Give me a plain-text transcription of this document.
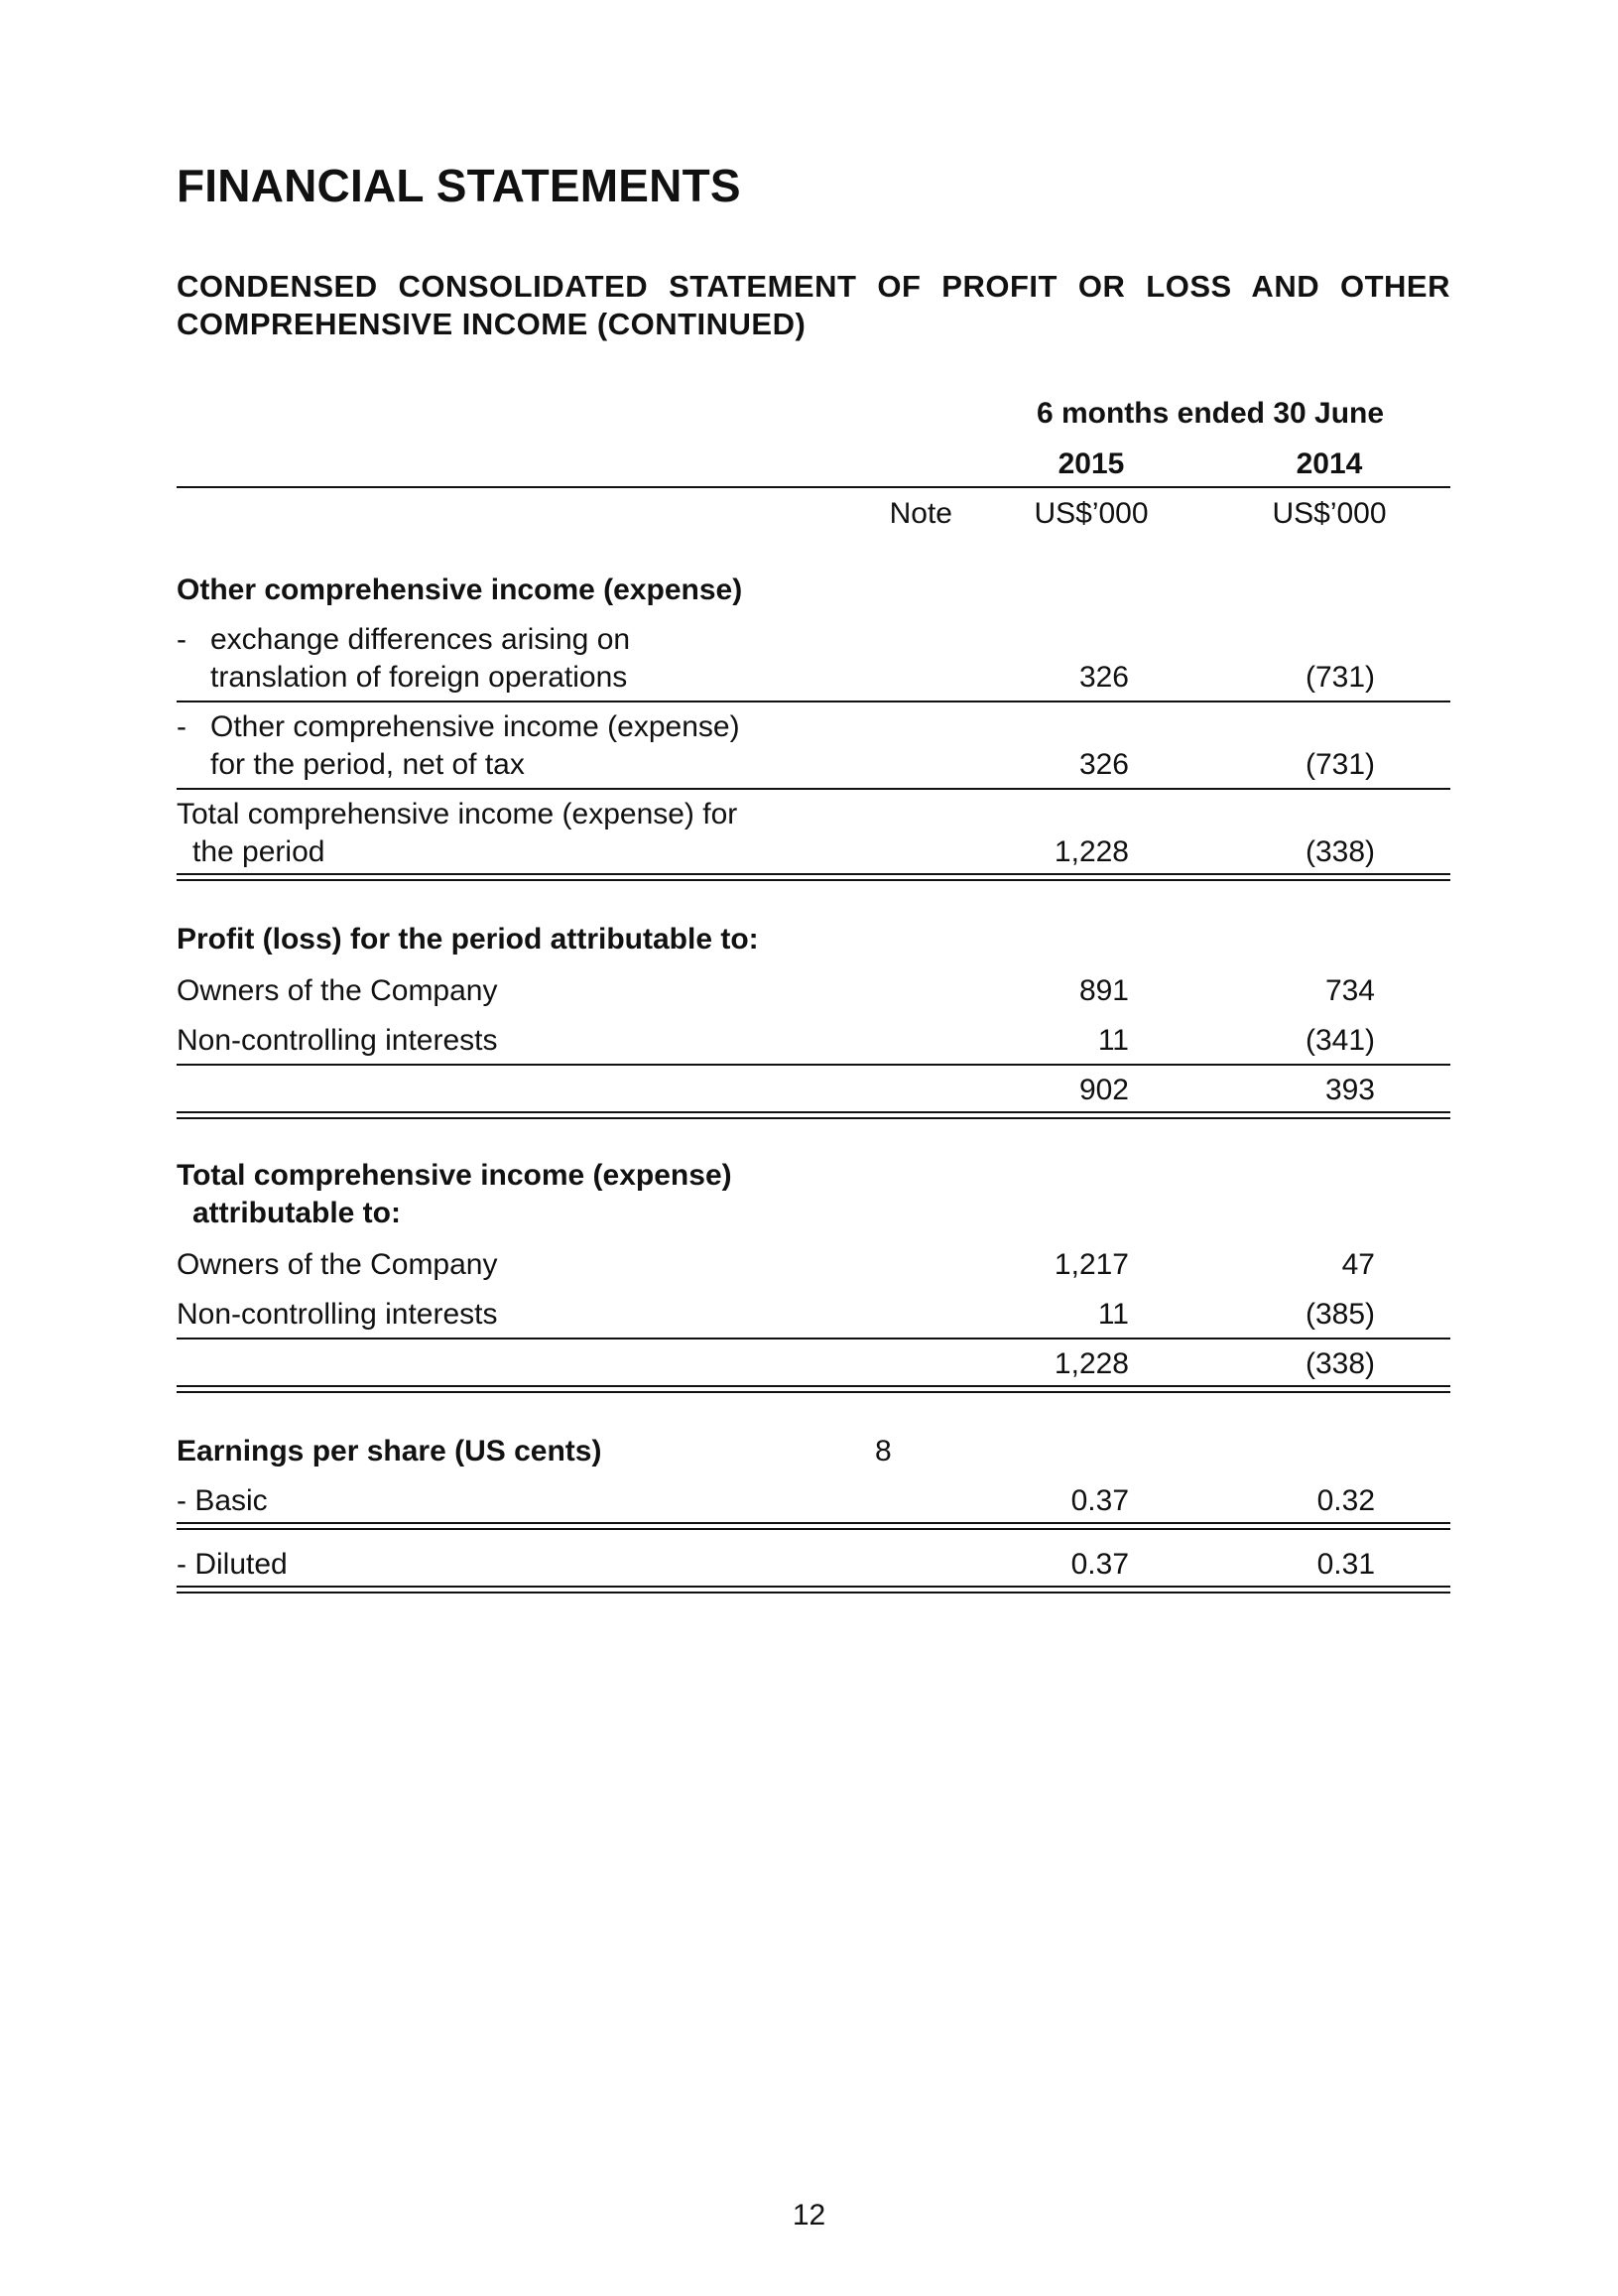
FINANCIAL STATEMENTS
CONDENSED CONSOLIDATED STATEMENT OF PROFIT OR LOSS AND OTHER
COMPREHENSIVE INCOME (CONTINUED)
6 months ended 30 June
2015	2014
Note	US$’000	US$’000
Other comprehensive income (expense)
- exchange differences arising on
translation of foreign operations	326	(731)
- Other comprehensive income (expense)
for the period, net of tax	326	(731)
Total comprehensive income (expense) for
the period	1,228	(338)
Profit (loss) for the period attributable to:
Owners of the Company	891	734
Non-controlling interests	11	(341)
902	393
Total comprehensive income (expense)
attributable to:
Owners of the Company	1,217	47
Non-controlling interests	11	(385)
1,228	(338)
Earnings per share (US cents)	8
- Basic	0.37	0.32
- Diluted	0.37	0.31
12
